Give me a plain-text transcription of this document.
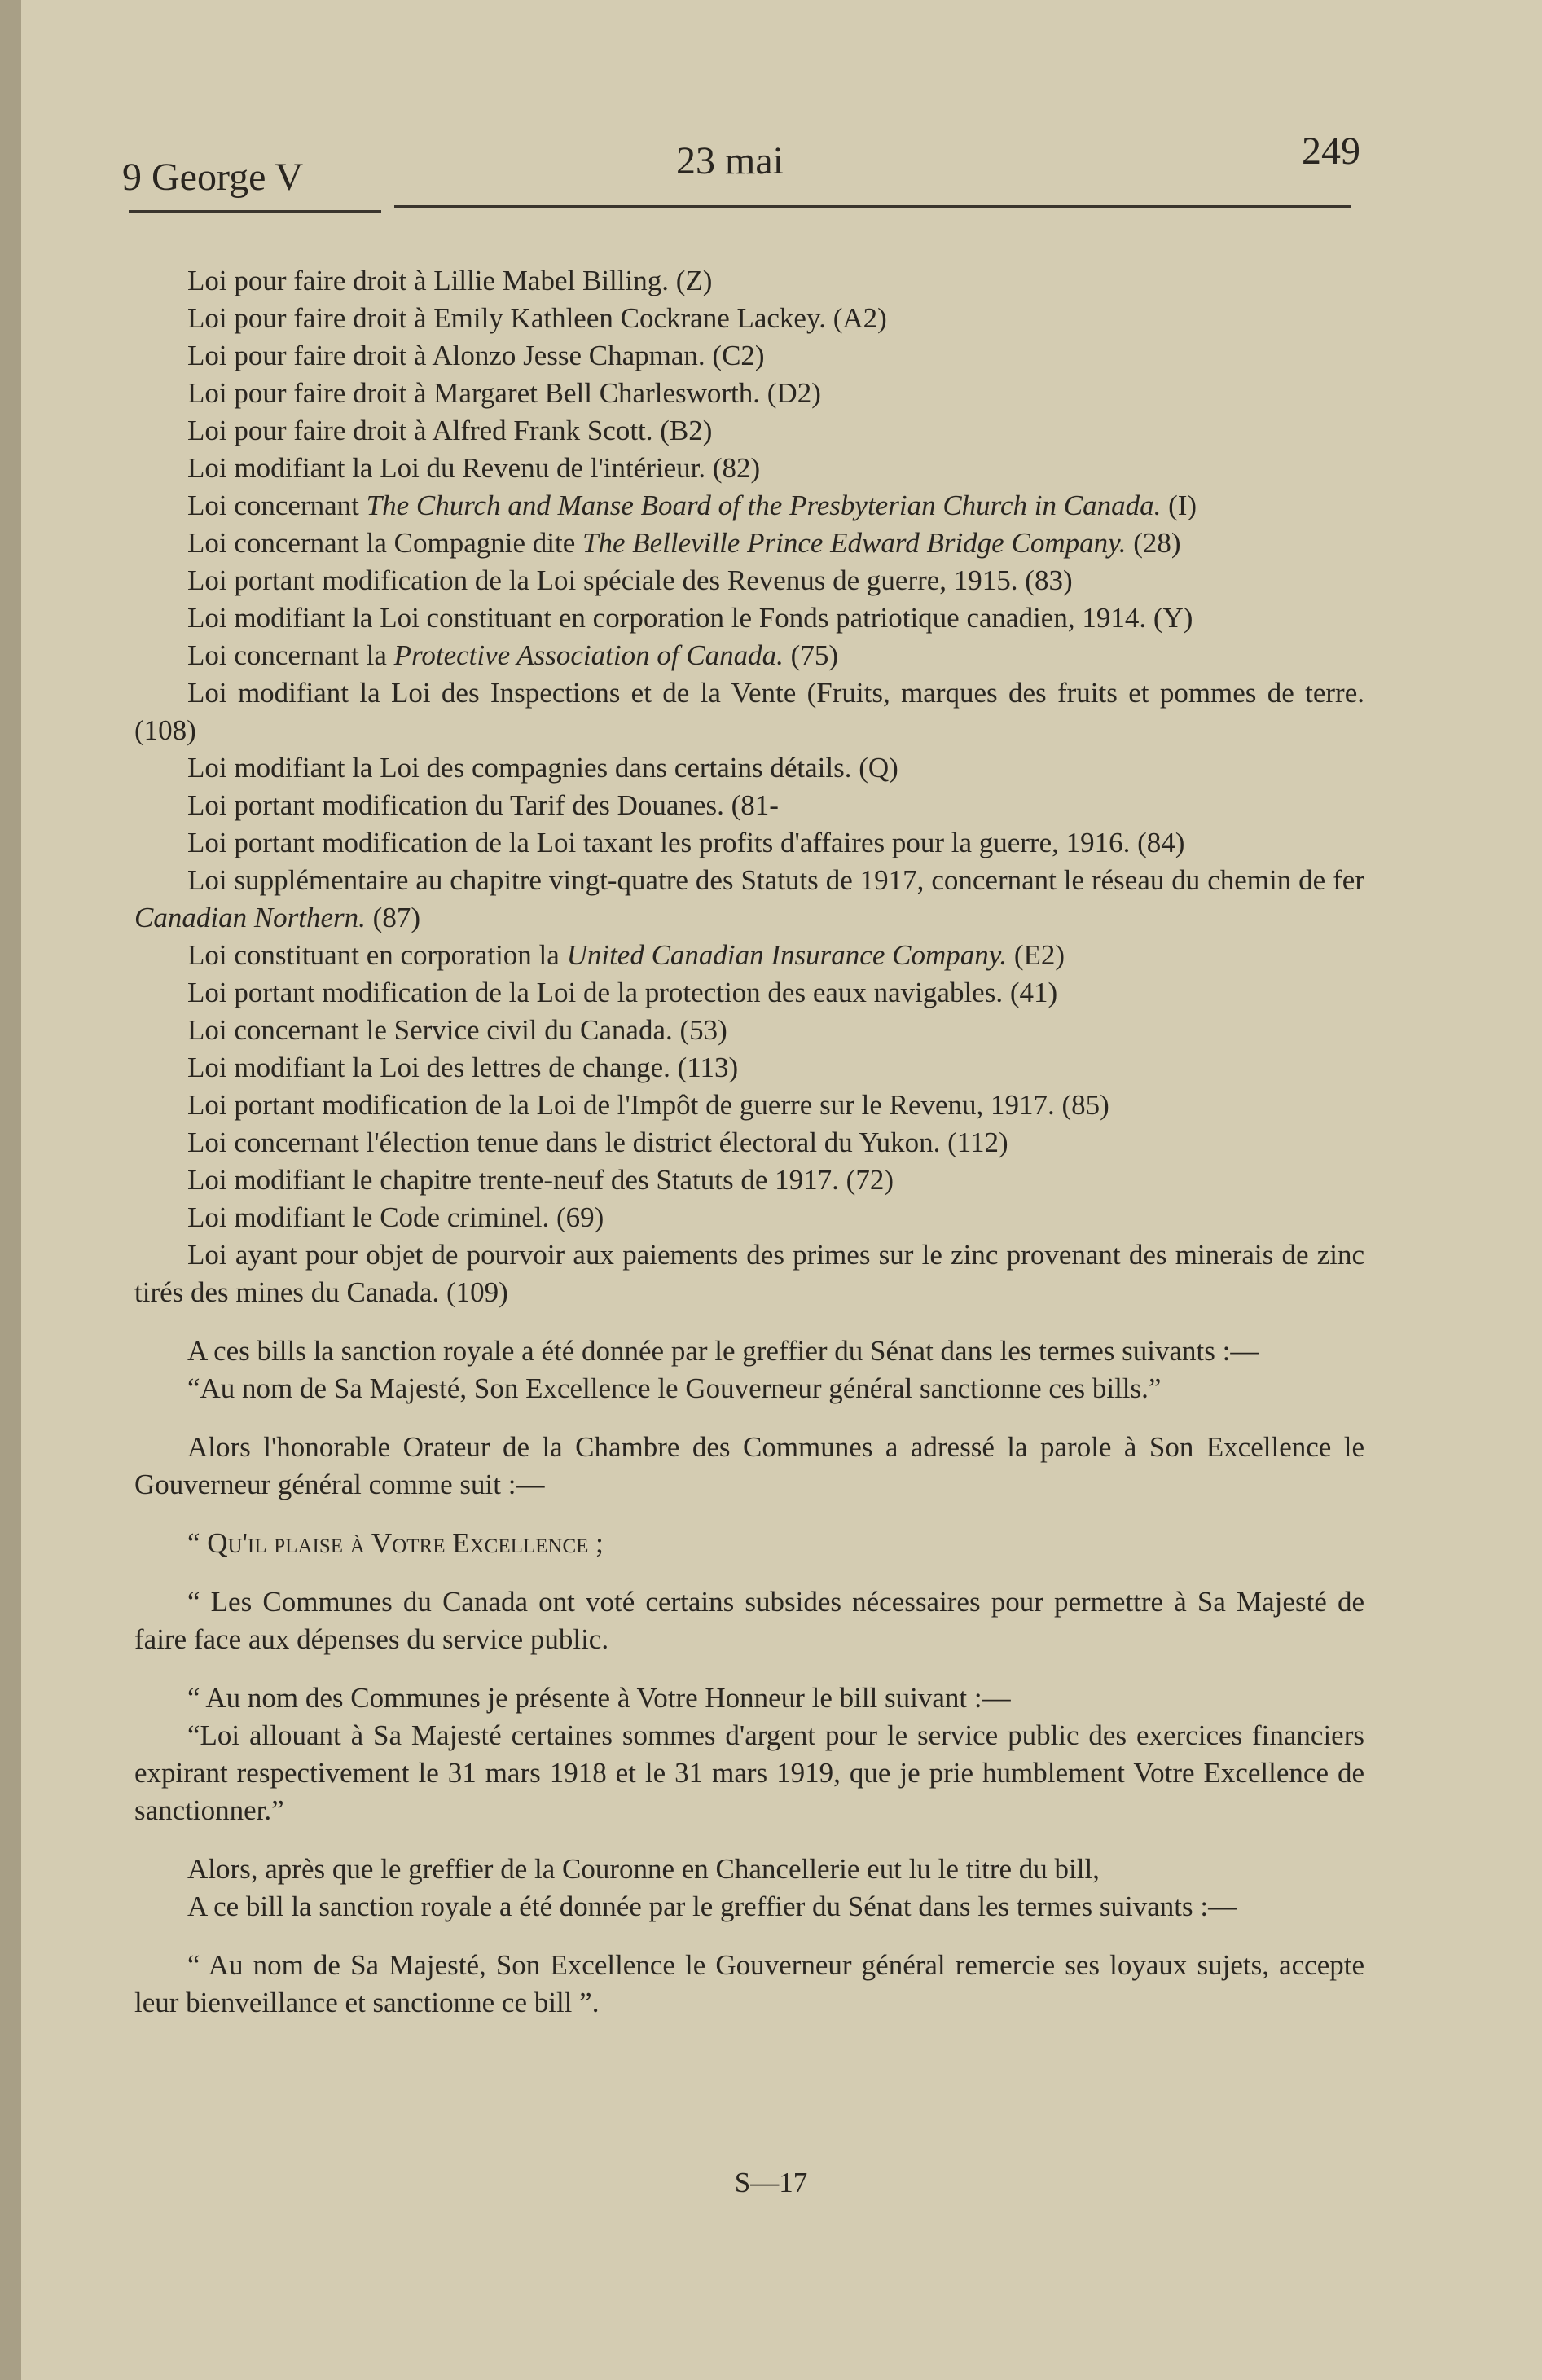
9 George V	23 mai	249

Loi pour faire droit à Lillie Mabel Billing. (Z)

Loi pour faire droit à Emily Kathleen Cockrane Lackey. (A2)

Loi pour faire droit à Alonzo Jesse Chapman. (C2)

Loi pour faire droit à Margaret Bell Charlesworth. (D2)

Loi pour faire droit à Alfred Frank Scott. (B2)

Loi modifiant la Loi du Revenu de l'intérieur. (82)

Loi concernant The Church and Manse Board of the Presbyterian Church in Canada. (I)

Loi concernant la Compagnie dite The Belleville Prince Edward Bridge Company. (28)

Loi portant modification de la Loi spéciale des Revenus de guerre, 1915. (83)

Loi modifiant la Loi constituant en corporation le Fonds patriotique canadien, 1914. (Y)

Loi concernant la Protective Association of Canada. (75)

Loi modifiant la Loi des Inspections et de la Vente (Fruits, marques des fruits et pommes de terre. (108)

Loi modifiant la Loi des compagnies dans certains détails. (Q)

Loi portant modification du Tarif des Douanes. (81-

Loi portant modification de la Loi taxant les profits d'affaires pour la guerre, 1916. (84)

Loi supplémentaire au chapitre vingt-quatre des Statuts de 1917, concernant le réseau du chemin de fer Canadian Northern. (87)

Loi constituant en corporation la United Canadian Insurance Company. (E2)

Loi portant modification de la Loi de la protection des eaux navigables. (41)

Loi concernant le Service civil du Canada. (53)

Loi modifiant la Loi des lettres de change. (113)

Loi portant modification de la Loi de l'Impôt de guerre sur le Revenu, 1917. (85)

Loi concernant l'élection tenue dans le district électoral du Yukon. (112)

Loi modifiant le chapitre trente-neuf des Statuts de 1917. (72)

Loi modifiant le Code criminel. (69)

Loi ayant pour objet de pourvoir aux paiements des primes sur le zinc provenant des minerais de zinc tirés des mines du Canada. (109)

A ces bills la sanction royale a été donnée par le greffier du Sénat dans les termes suivants :—

“Au nom de Sa Majesté, Son Excellence le Gouverneur général sanctionne ces bills.”

Alors l'honorable Orateur de la Chambre des Communes a adressé la parole à Son Excellence le Gouverneur général comme suit :—

“ Qu'il plaise à Votre Excellence ;

“ Les Communes du Canada ont voté certains subsides nécessaires pour permettre à Sa Majesté de faire face aux dépenses du service public.

“ Au nom des Communes je présente à Votre Honneur le bill suivant :—

“Loi allouant à Sa Majesté certaines sommes d'argent pour le service public des exercices financiers expirant respectivement le 31 mars 1918 et le 31 mars 1919, que je prie humblement Votre Excellence de sanctionner.”

Alors, après que le greffier de la Couronne en Chancellerie eut lu le titre du bill,

A ce bill la sanction royale a été donnée par le greffier du Sénat dans les termes suivants :—

“ Au nom de Sa Majesté, Son Excellence le Gouverneur général remercie ses loyaux sujets, accepte leur bienveillance et sanctionne ce bill ”.

S—17
